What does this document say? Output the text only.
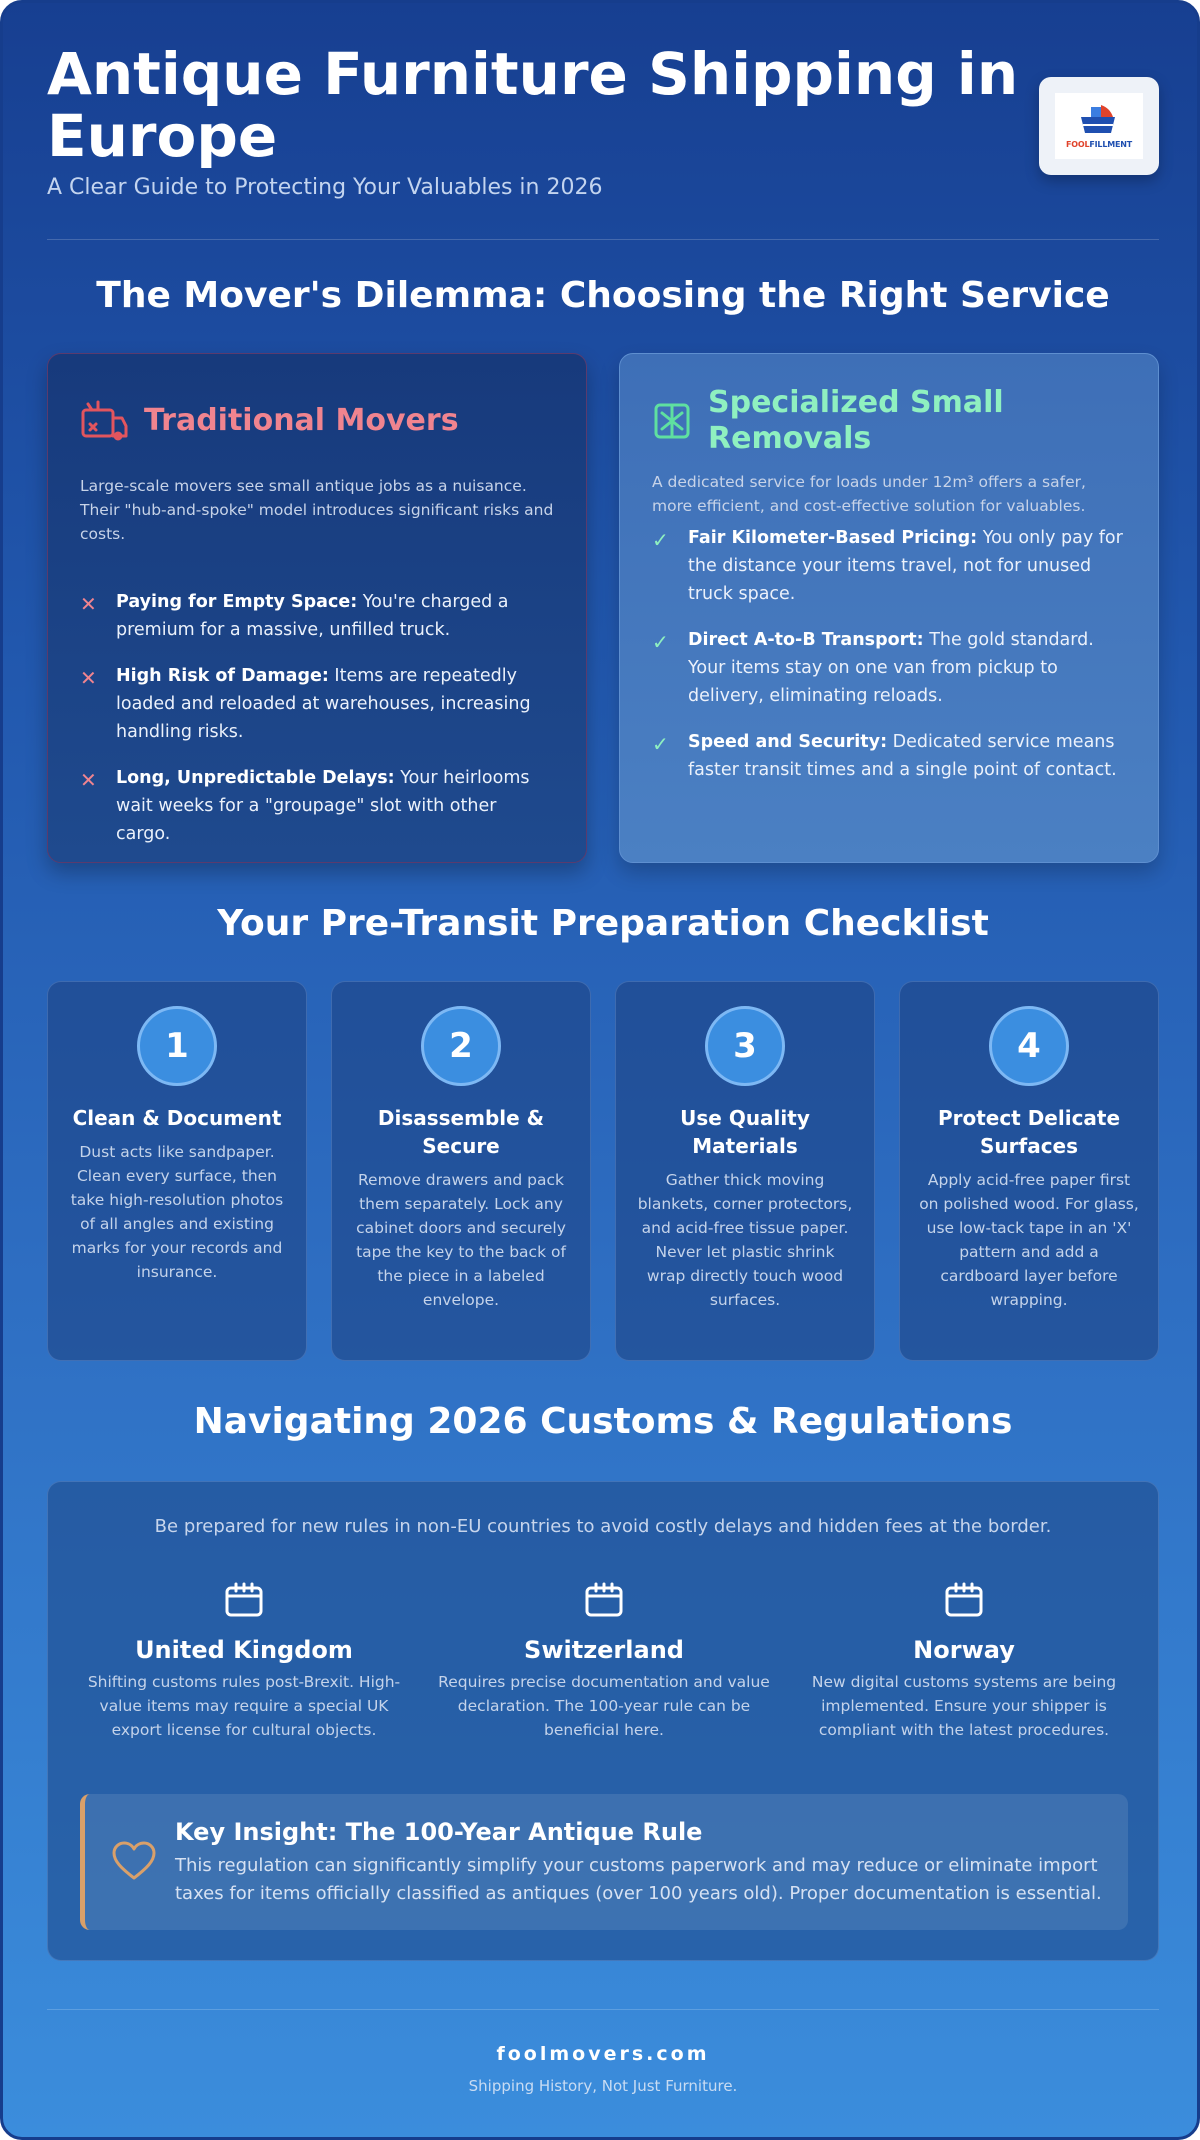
Antique Furniture Shipping in Europe

A Clear Guide to Protecting Your Valuables in 2026

FOOLFILLMENT
The Mover's Dilemma: Choosing the Right Service
Traditional Movers

Large-scale movers see small antique jobs as a nuisance. Their "hub-and-spoke" model introduces significant risks and costs.

✕	Paying for Empty Space: You're charged a premium for a massive, unfilled truck.
✕	High Risk of Damage: Items are repeatedly loaded and reloaded at warehouses, increasing handling risks.
✕	Long, Unpredictable Delays: Your heirlooms wait weeks for a "groupage" slot with other cargo.
Specialized Small Removals

A dedicated service for loads under 12m³ offers a safer, more efficient, and cost-effective solution for valuables.

✓	Fair Kilometer-Based Pricing: You only pay for the distance your items travel, not for unused truck space.
✓	Direct A-to-B Transport: The gold standard. Your items stay on one van from pickup to delivery, eliminating reloads.
✓	Speed and Security: Dedicated service means faster transit times and a single point of contact.
Your Pre-Transit Preparation Checklist
1
Clean & Document
Dust acts like sandpaper. Clean every surface, then take high-resolution photos of all angles and existing marks for your records and insurance.
2
Disassemble & Secure
Remove drawers and pack them separately. Lock any cabinet doors and securely tape the key to the back of the piece in a labeled envelope.
3
Use Quality Materials
Gather thick moving blankets, corner protectors, and acid-free tissue paper. Never let plastic shrink wrap directly touch wood surfaces.
4
Protect Delicate Surfaces
Apply acid-free paper first on polished wood. For glass, use low-tack tape in an 'X' pattern and add a cardboard layer before wrapping.
Navigating 2026 Customs & Regulations

Be prepared for new rules in non-EU countries to avoid costly delays and hidden fees at the border.

United Kingdom
Shifting customs rules post-Brexit. High-value items may require a special UK export license for cultural objects.
Switzerland
Requires precise documentation and value declaration. The 100-year rule can be beneficial here.
Norway
New digital customs systems are being implemented. Ensure your shipper is compliant with the latest procedures.
Key Insight: The 100-Year Antique Rule
This regulation can significantly simplify your customs paperwork and may reduce or eliminate import taxes for items officially classified as antiques (over 100 years old). Proper documentation is essential.
foolmovers.com
Shipping History, Not Just Furniture.
